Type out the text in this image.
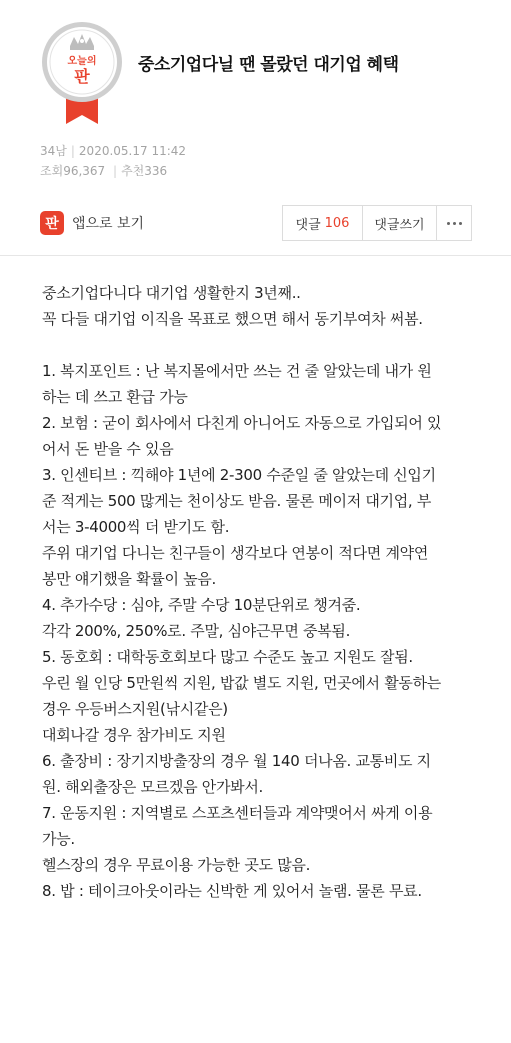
오늘의
판
중소기업다닐 땐 몰랐던 대기업 혜택
34남 | 2020.05.17 11:42
조회96,367 | 추천336
판 앱으로 보기	댓글 106 댓글쓰기

중소기업다니다 대기업 생활한지 3년째..

꼭 다들 대기업 이직을 목표로 했으면 해서 동기부여차 써봄.

1. 복지포인트 : 난 복지몰에서만 쓰는 건 줄 알았는데 내가 원

하는 데 쓰고 환급 가능

2. 보험 : 굳이 회사에서 다친게 아니어도 자동으로 가입되어 있

어서 돈 받을 수 있음

3. 인센티브 : 끽해야 1년에 2-300 수준일 줄 알았는데 신입기

준 적게는 500 많게는 천이상도 받음. 물론 메이저 대기업, 부

서는 3-4000씩 더 받기도 함.

주위 대기업 다니는 친구들이 생각보다 연봉이 적다면 계약연

봉만 얘기했을 확률이 높음.

4. 추가수당 : 심야, 주말 수당 10분단위로 챙겨줌.

각각 200%, 250%로. 주말, 심야근무면 중복됨.

5. 동호회 : 대학동호회보다 많고 수준도 높고 지원도 잘됨.

우린 월 인당 5만원씩 지원, 밥값 별도 지원, 먼곳에서 활동하는

경우 우등버스지원(낚시같은)

대회나갈 경우 참가비도 지원

6. 출장비 : 장기지방출장의 경우 월 140 더나옴. 교통비도 지

원. 해외출장은 모르겠음 안가봐서.

7. 운동지원 : 지역별로 스포츠센터들과 계약맺어서 싸게 이용

가능.

헬스장의 경우 무료이용 가능한 곳도 많음.

8. 밥 : 테이크아웃이라는 신박한 게 있어서 놀램. 물론 무료.
